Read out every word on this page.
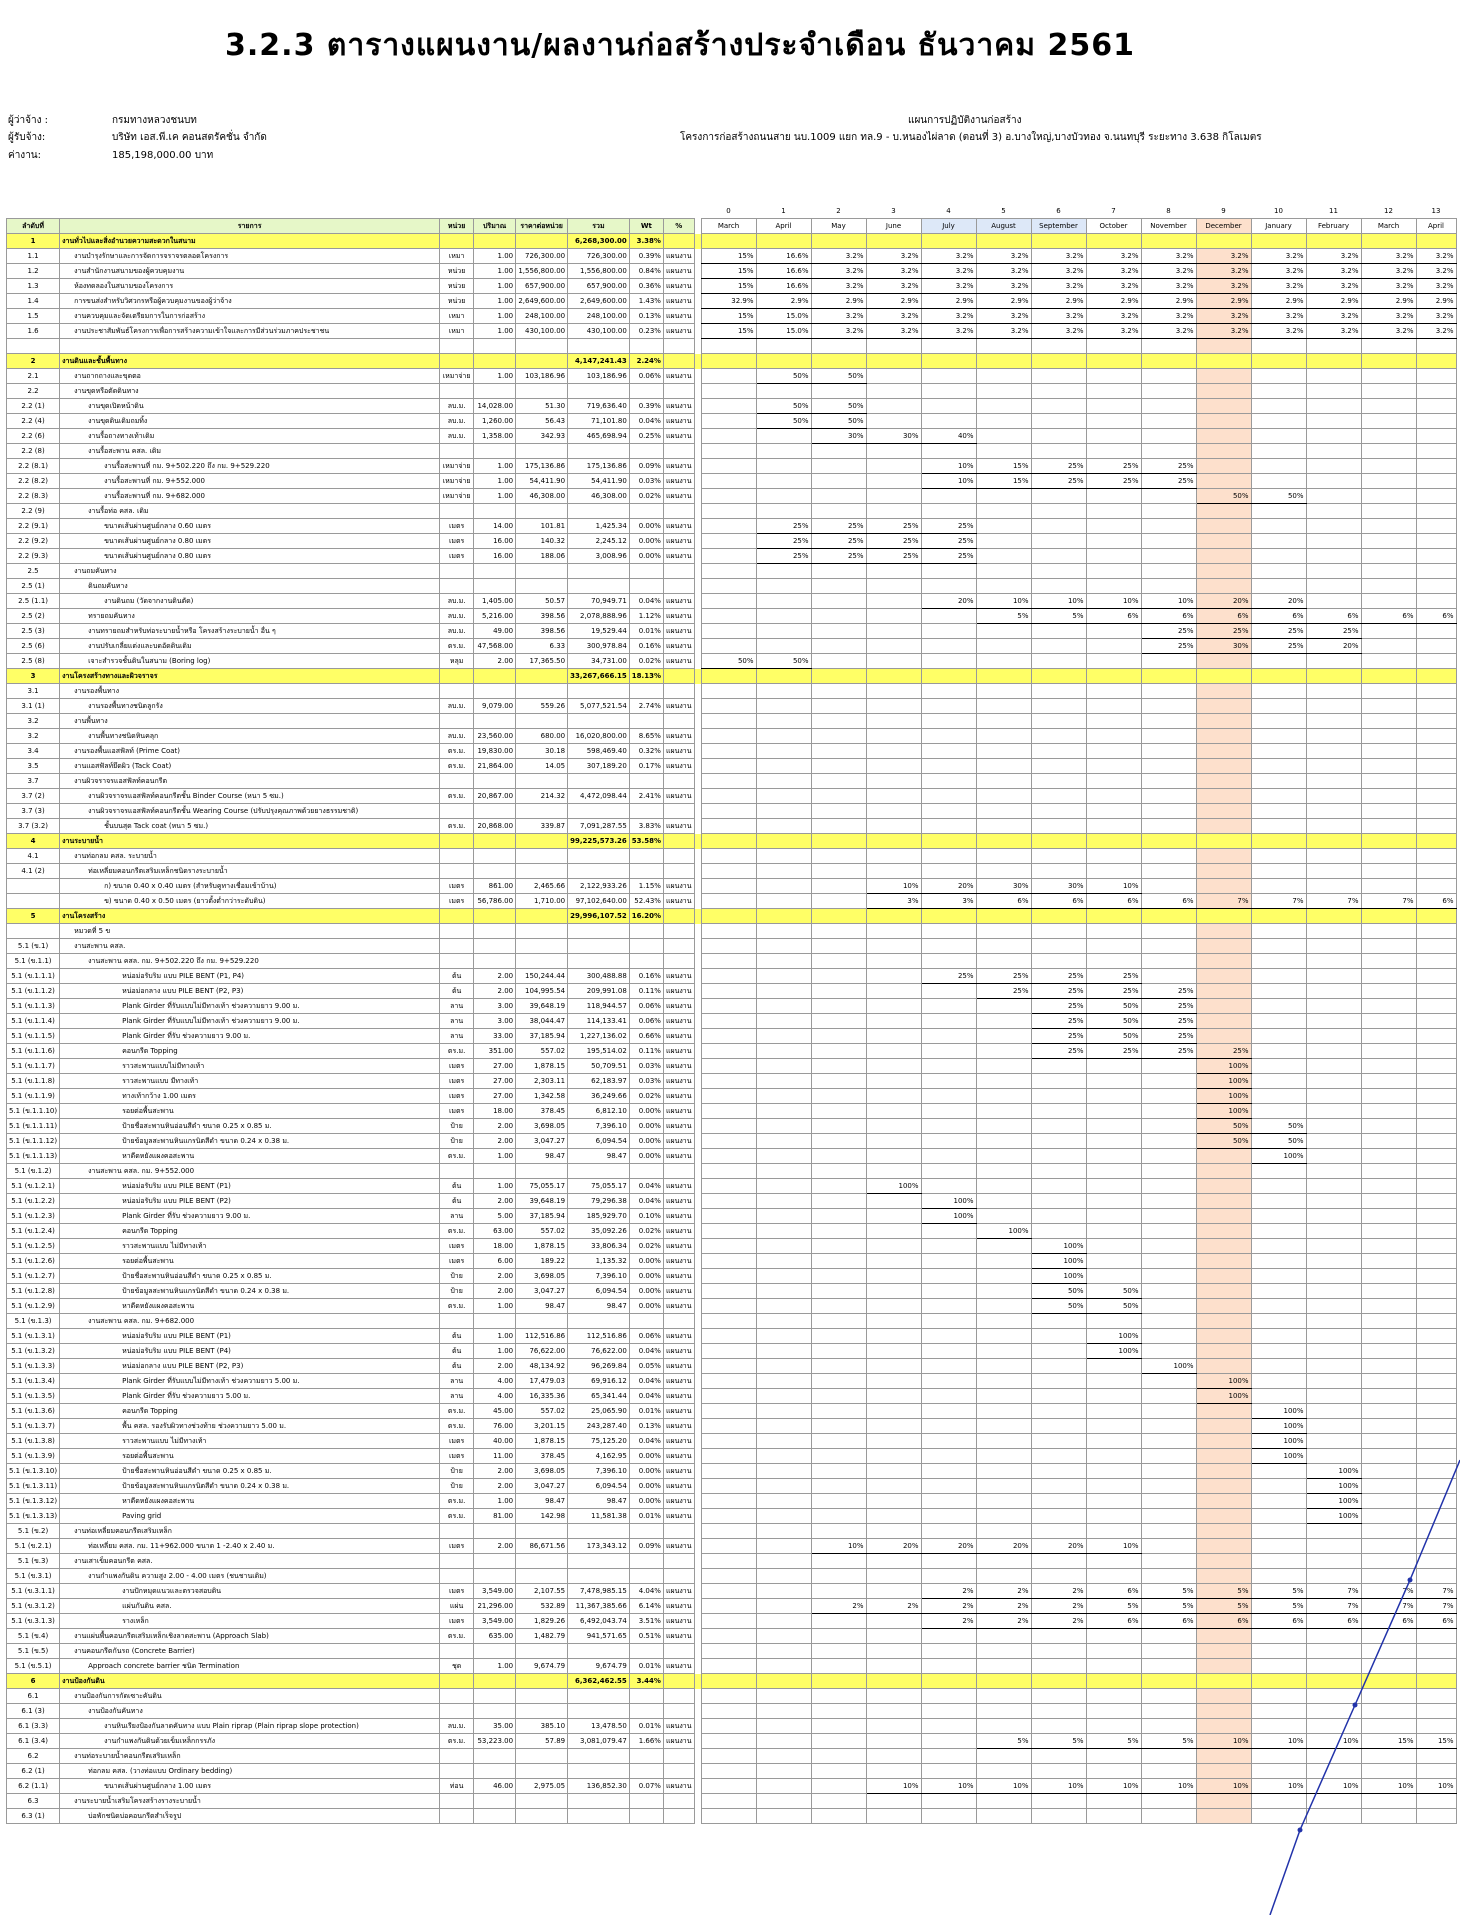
3.2.3 ตารางแผนงาน/ผลงานก่อสร้างประจำเดือน ธันวาคม 2561
ผู้ว่าจ้าง :	กรมทางหลวงชนบท
ผู้รับจ้าง:	บริษัท เอส.พี.เค คอนสตรัคชั่น จำกัด
ค่างาน:	185,198,000.00 บาท
แผนการปฏิบัติงานก่อสร้าง
โครงการก่อสร้างถนนสาย นบ.1009 แยก ทล.9 - บ.หนองไผ่ลาด (ตอนที่ 3) อ.บางใหญ่,บางบัวทอง จ.นนทบุรี ระยะทาง 3.638 กิโลเมตร
									0	1	2	3	4	5	6	7	8	9	10	11	12	13
ลำดับที่	รายการ	หน่วย	ปริมาณ	ราคาต่อหน่วย	รวม	Wt	%		March	April	May	June	July	August	September	October	November	December	January	February	March	April
1	งานทั่วไปและสิ่งอำนวยความสะดวกในสนาม				6,268,300.00	3.38%																
1.1	งานบำรุงรักษาและการจัดการจราจรตลอดโครงการ	เหมา	1.00	726,300.00	726,300.00	0.39%	แผนงาน		15%	16.6%	3.2%	3.2%	3.2%	3.2%	3.2%	3.2%	3.2%	3.2%	3.2%	3.2%	3.2%	3.2%
1.2	งานสำนักงานสนามของผู้ควบคุมงาน	หน่วย	1.00	1,556,800.00	1,556,800.00	0.84%	แผนงาน		15%	16.6%	3.2%	3.2%	3.2%	3.2%	3.2%	3.2%	3.2%	3.2%	3.2%	3.2%	3.2%	3.2%
1.3	ห้องทดลองในสนามของโครงการ	หน่วย	1.00	657,900.00	657,900.00	0.36%	แผนงาน		15%	16.6%	3.2%	3.2%	3.2%	3.2%	3.2%	3.2%	3.2%	3.2%	3.2%	3.2%	3.2%	3.2%
1.4	การขนส่งสำหรับวิศวกรหรือผู้ควบคุมงานของผู้ว่าจ้าง	หน่วย	1.00	2,649,600.00	2,649,600.00	1.43%	แผนงาน		32.9%	2.9%	2.9%	2.9%	2.9%	2.9%	2.9%	2.9%	2.9%	2.9%	2.9%	2.9%	2.9%	2.9%
1.5	งานควบคุมและจัดเตรียมการในการก่อสร้าง	เหมา	1.00	248,100.00	248,100.00	0.13%	แผนงาน		15%	15.0%	3.2%	3.2%	3.2%	3.2%	3.2%	3.2%	3.2%	3.2%	3.2%	3.2%	3.2%	3.2%
1.6	งานประชาสัมพันธ์โครงการเพื่อการสร้างความเข้าใจและการมีส่วนร่วมภาคประชาชน	เหมา	1.00	430,100.00	430,100.00	0.23%	แผนงาน		15%	15.0%	3.2%	3.2%	3.2%	3.2%	3.2%	3.2%	3.2%	3.2%	3.2%	3.2%	3.2%	3.2%

2	งานดินและชั้นพื้นทาง				4,147,241.43	2.24%																
2.1	งานถากถางและขุดตอ	เหมาจ่าย	1.00	103,186.96	103,186.96	0.06%	แผนงาน			50%	50%											
2.2	งานขุดหรือตัดดินทาง																					
2.2 (1)	งานขุดเปิดหน้าดิน	ลบ.ม.	14,028.00	51.30	719,636.40	0.39%	แผนงาน			50%	50%											
2.2 (4)	งานขุดดินเดิมถมทิ้ง	ลบ.ม.	1,260.00	56.43	71,101.80	0.04%	แผนงาน			50%	50%											
2.2 (6)	งานรื้อถางทางเท้าเดิม	ลบ.ม.	1,358.00	342.93	465,698.94	0.25%	แผนงาน				30%	30%	40%									
2.2 (8)	งานรื้อสะพาน คสล. เดิม																					
2.2 (8.1)	งานรื้อสะพานที่ กม. 9+502.220 ถึง กม. 9+529.220	เหมาจ่าย	1.00	175,136.86	175,136.86	0.09%	แผนงาน						10%	15%	25%	25%	25%					
2.2 (8.2)	งานรื้อสะพานที่ กม. 9+552.000	เหมาจ่าย	1.00	54,411.90	54,411.90	0.03%	แผนงาน						10%	15%	25%	25%	25%					
2.2 (8.3)	งานรื้อสะพานที่ กม. 9+682.000	เหมาจ่าย	1.00	46,308.00	46,308.00	0.02%	แผนงาน											50%	50%			
2.2 (9)	งานรื้อท่อ คสล. เดิม																					
2.2 (9.1)	ขนาดเส้นผ่านศูนย์กลาง 0.60 เมตร	เมตร	14.00	101.81	1,425.34	0.00%	แผนงาน			25%	25%	25%	25%									
2.2 (9.2)	ขนาดเส้นผ่านศูนย์กลาง 0.80 เมตร	เมตร	16.00	140.32	2,245.12	0.00%	แผนงาน			25%	25%	25%	25%									
2.2 (9.3)	ขนาดเส้นผ่านศูนย์กลาง 0.80 เมตร	เมตร	16.00	188.06	3,008.96	0.00%	แผนงาน			25%	25%	25%	25%									
2.5	งานถมคันทาง																					
2.5 (1)	ดินถมคันทาง																					
2.5 (1.1)	งานดินถม (วัดจากงานดินตัด)	ลบ.ม.	1,405.00	50.57	70,949.71	0.04%	แผนงาน						20%	10%	10%	10%	10%	20%	20%			
2.5 (2)	ทรายถมคันทาง	ลบ.ม.	5,216.00	398.56	2,078,888.96	1.12%	แผนงาน							5%	5%	6%	6%	6%	6%	6%	6%	6%
2.5 (3)	งานทรายถมสำหรับท่อระบายน้ำหรือ โครงสร้างระบายน้ำ อื่น ๆ	ลบ.ม.	49.00	398.56	19,529.44	0.01%	แผนงาน										25%	25%	25%	25%		
2.5 (6)	งานปรับเกลี่ยแต่งและบดอัดดินเดิม	ตร.ม.	47,568.00	6.33	300,978.84	0.16%	แผนงาน										25%	30%	25%	20%		
2.5 (8)	เจาะสำรวจชั้นดินในสนาม (Boring log)	หลุม	2.00	17,365.50	34,731.00	0.02%	แผนงาน		50%	50%												
3	งานโครงสร้างทางและผิวจราจร				33,267,666.15	18.13%																
3.1	งานรองพื้นทาง																					
3.1 (1)	งานรองพื้นทางชนิดลูกรัง	ลบ.ม.	9,079.00	559.26	5,077,521.54	2.74%	แผนงาน															
3.2	งานพื้นทาง																					
3.2	งานพื้นทางชนิดหินคลุก	ลบ.ม.	23,560.00	680.00	16,020,800.00	8.65%	แผนงาน															
3.4	งานรองพื้นแอสฟัลท์ (Prime Coat)	ตร.ม.	19,830.00	30.18	598,469.40	0.32%	แผนงาน															
3.5	งานแอสฟัลท์ยึดผิว (Tack Coat)	ตร.ม.	21,864.00	14.05	307,189.20	0.17%	แผนงาน															
3.7	งานผิวจราจรแอสฟัลท์คอนกรีต																					
3.7 (2)	งานผิวจราจรแอสฟัลท์คอนกรีตชั้น Binder Course (หนา 5 ซม.)	ตร.ม.	20,867.00	214.32	4,472,098.44	2.41%	แผนงาน															
3.7 (3)	งานผิวจราจรแอสฟัลท์คอนกรีตชั้น Wearing Course (ปรับปรุงคุณภาพด้วยยางธรรมชาติ)																					
3.7 (3.2)	ชั้นบนสุด Tack coat (หนา 5 ซม.)	ตร.ม.	20,868.00	339.87	7,091,287.55	3.83%	แผนงาน															
4	งานระบายน้ำ				99,225,573.26	53.58%																
4.1	งานท่อกลม คสล. ระบายน้ำ																					
4.1 (2)	ท่อเหลี่ยมคอนกรีตเสริมเหล็กชนิดรางระบายน้ำ																					
	ก) ขนาด 0.40 x 0.40 เมตร (สำหรับคูทางเชื่อมเข้าบ้าน)	เมตร	861.00	2,465.66	2,122,933.26	1.15%	แผนงาน					10%	20%	30%	30%	10%						
	ข) ขนาด 0.40 x 0.50 เมตร (ยาวตั้งต่ำกว่าระดับดิน)	เมตร	56,786.00	1,710.00	97,102,640.00	52.43%	แผนงาน					3%	3%	6%	6%	6%	6%	7%	7%	7%	7%	6%
5	งานโครงสร้าง				29,996,107.52	16.20%																
	หมวดที่ 5 ข																					
5.1 (ข.1)	งานสะพาน คสล.																					
5.1 (ข.1.1)	งานสะพาน คสล. กม. 9+502.220 ถึง กม. 9+529.220																					
5.1 (ข.1.1.1)	หน่อม่อรับริม แบบ PILE BENT (P1, P4)	ต้น	2.00	150,244.44	300,488.88	0.16%	แผนงาน						25%	25%	25%	25%						
5.1 (ข.1.1.2)	หน่อม่อกลาง แบบ PILE BENT (P2, P3)	ต้น	2.00	104,995.54	209,991.08	0.11%	แผนงาน							25%	25%	25%	25%					
5.1 (ข.1.1.3)	Plank Girder ที่รับแบบไม่มีทางเท้า ช่วงความยาว 9.00 ม.	ลาน	3.00	39,648.19	118,944.57	0.06%	แผนงาน								25%	50%	25%					
5.1 (ข.1.1.4)	Plank Girder ที่รับแบบไม่มีทางเท้า ช่วงความยาว 9.00 ม.	ลาน	3.00	38,044.47	114,133.41	0.06%	แผนงาน								25%	50%	25%					
5.1 (ข.1.1.5)	Plank Girder ที่รับ ช่วงความยาว 9.00 ม.	ลาน	33.00	37,185.94	1,227,136.02	0.66%	แผนงาน								25%	50%	25%					
5.1 (ข.1.1.6)	คอนกรีต Topping	ตร.ม.	351.00	557.02	195,514.02	0.11%	แผนงาน								25%	25%	25%	25%				
5.1 (ข.1.1.7)	ราวสะพานแบบไม่มีทางเท้า	เมตร	27.00	1,878.15	50,709.51	0.03%	แผนงาน											100%				
5.1 (ข.1.1.8)	ราวสะพานแบบ มีทางเท้า	เมตร	27.00	2,303.11	62,183.97	0.03%	แผนงาน											100%				
5.1 (ข.1.1.9)	ทางเท้ากว้าง 1.00 เมตร	เมตร	27.00	1,342.58	36,249.66	0.02%	แผนงาน											100%				
5.1 (ข.1.1.10)	รอยต่อพื้นสะพาน	เมตร	18.00	378.45	6,812.10	0.00%	แผนงาน											100%				
5.1 (ข.1.1.11)	ป้ายชื่อสะพานหินอ่อนสีดำ ขนาด 0.25 x 0.85 ม.	ป้าย	2.00	3,698.05	7,396.10	0.00%	แผนงาน											50%	50%			
5.1 (ข.1.1.12)	ป้ายข้อมูลสะพานหินแกรนิตสีดำ ขนาด 0.24 x 0.38 ม.	ป้าย	2.00	3,047.27	6,094.54	0.00%	แผนงาน											50%	50%			
5.1 (ข.1.1.13)	หาดีดหยังแผงคอสะพาน	ตร.ม.	1.00	98.47	98.47	0.00%	แผนงาน												100%			
5.1 (ข.1.2)	งานสะพาน คสล. กม. 9+552.000																					
5.1 (ข.1.2.1)	หน่อม่อรับริม แบบ PILE BENT (P1)	ต้น	1.00	75,055.17	75,055.17	0.04%	แผนงาน					100%										
5.1 (ข.1.2.2)	หน่อม่อรับริม แบบ PILE BENT (P2)	ต้น	2.00	39,648.19	79,296.38	0.04%	แผนงาน						100%									
5.1 (ข.1.2.3)	Plank Girder ที่รับ ช่วงความยาว 9.00 ม.	ลาน	5.00	37,185.94	185,929.70	0.10%	แผนงาน						100%									
5.1 (ข.1.2.4)	คอนกรีต Topping	ตร.ม.	63.00	557.02	35,092.26	0.02%	แผนงาน							100%								
5.1 (ข.1.2.5)	ราวสะพานแบบ ไม่มีทางเท้า	เมตร	18.00	1,878.15	33,806.34	0.02%	แผนงาน								100%							
5.1 (ข.1.2.6)	รอยต่อพื้นสะพาน	เมตร	6.00	189.22	1,135.32	0.00%	แผนงาน								100%							
5.1 (ข.1.2.7)	ป้ายชื่อสะพานหินอ่อนสีดำ ขนาด 0.25 x 0.85 ม.	ป้าย	2.00	3,698.05	7,396.10	0.00%	แผนงาน								100%							
5.1 (ข.1.2.8)	ป้ายข้อมูลสะพานหินแกรนิตสีดำ ขนาด 0.24 x 0.38 ม.	ป้าย	2.00	3,047.27	6,094.54	0.00%	แผนงาน								50%	50%						
5.1 (ข.1.2.9)	หาดีดหยังแผงคอสะพาน	ตร.ม.	1.00	98.47	98.47	0.00%	แผนงาน								50%	50%						
5.1 (ข.1.3)	งานสะพาน คสล. กม. 9+682.000																					
5.1 (ข.1.3.1)	หน่อม่อรับริม แบบ PILE BENT (P1)	ต้น	1.00	112,516.86	112,516.86	0.06%	แผนงาน									100%						
5.1 (ข.1.3.2)	หน่อม่อรับริม แบบ PILE BENT (P4)	ต้น	1.00	76,622.00	76,622.00	0.04%	แผนงาน									100%						
5.1 (ข.1.3.3)	หน่อม่อกลาง แบบ PILE BENT (P2, P3)	ต้น	2.00	48,134.92	96,269.84	0.05%	แผนงาน										100%					
5.1 (ข.1.3.4)	Plank Girder ที่รับแบบไม่มีทางเท้า ช่วงความยาว 5.00 ม.	ลาน	4.00	17,479.03	69,916.12	0.04%	แผนงาน											100%				
5.1 (ข.1.3.5)	Plank Girder ที่รับ ช่วงความยาว 5.00 ม.	ลาน	4.00	16,335.36	65,341.44	0.04%	แผนงาน											100%				
5.1 (ข.1.3.6)	คอนกรีต Topping	ตร.ม.	45.00	557.02	25,065.90	0.01%	แผนงาน												100%			
5.1 (ข.1.3.7)	พื้น คสล. รองรับผิวทางช่วงท้าย ช่วงความยาว 5.00 ม.	ตร.ม.	76.00	3,201.15	243,287.40	0.13%	แผนงาน												100%			
5.1 (ข.1.3.8)	ราวสะพานแบบ ไม่มีทางเท้า	เมตร	40.00	1,878.15	75,125.20	0.04%	แผนงาน												100%			
5.1 (ข.1.3.9)	รอยต่อพื้นสะพาน	เมตร	11.00	378.45	4,162.95	0.00%	แผนงาน												100%			
5.1 (ข.1.3.10)	ป้ายชื่อสะพานหินอ่อนสีดำ ขนาด 0.25 x 0.85 ม.	ป้าย	2.00	3,698.05	7,396.10	0.00%	แผนงาน													100%		
5.1 (ข.1.3.11)	ป้ายข้อมูลสะพานหินแกรนิตสีดำ ขนาด 0.24 x 0.38 ม.	ป้าย	2.00	3,047.27	6,094.54	0.00%	แผนงาน													100%		
5.1 (ข.1.3.12)	หาดีดหยังแผงคอสะพาน	ตร.ม.	1.00	98.47	98.47	0.00%	แผนงาน													100%		
5.1 (ข.1.3.13)	Paving grid	ตร.ม.	81.00	142.98	11,581.38	0.01%	แผนงาน													100%		
5.1 (ข.2)	งานท่อเหลี่ยมคอนกรีตเสริมเหล็ก																					
5.1 (ข.2.1)	ท่อเหลี่ยม คสล. กม. 11+962.000 ขนาด 1 -2.40 x 2.40 ม.	เมตร	2.00	86,671.56	173,343.12	0.09%	แผนงาน				10%	20%	20%	20%	20%	10%						
5.1 (ข.3)	งานเสาเข็มคอนกรีต คสล.																					
5.1 (ข.3.1)	งานกำแพงกันดิน ความสูง 2.00 - 4.00 เมตร (ชนชานเดิม)																					
5.1 (ข.3.1.1)	งานปักหมุดแนวและตรวจสอบดิน	เมตร	3,549.00	2,107.55	7,478,985.15	4.04%	แผนงาน						2%	2%	2%	6%	5%	5%	5%	7%	7%	7%
5.1 (ข.3.1.2)	แผ่นกันดิน คสล.	แผ่น	21,296.00	532.89	11,367,385.66	6.14%	แผนงาน				2%	2%	2%	2%	2%	5%	5%	5%	5%	7%	7%	7%
5.1 (ข.3.1.3)	รางเหล็ก	เมตร	3,549.00	1,829.26	6,492,043.74	3.51%	แผนงาน						2%	2%	2%	6%	6%	6%	6%	6%	6%	6%
5.1 (ข.4)	งานแผ่นพื้นคอนกรีตเสริมเหล็กเชิงลาดสะพาน (Approach Slab)	ตร.ม.	635.00	1,482.79	941,571.65	0.51%	แผนงาน															
5.1 (ข.5)	งานคอนกรีตกันรถ (Concrete Barrier)																					
5.1 (ข.5.1)	Approach concrete barrier ชนิด Termination	ชุด	1.00	9,674.79	9,674.79	0.01%	แผนงาน															
6	งานป้องกันดิน				6,362,462.55	3.44%																
6.1	งานป้องกันการกัดเซาะคันดิน																					
6.1 (3)	งานป้องกันคันทาง																					
6.1 (3.3)	งานหินเรียงป้องกันลาดคันทาง แบบ Plain riprap (Plain riprap slope protection)	ลบ.ม.	35.00	385.10	13,478.50	0.01%	แผนงาน															
6.1 (3.4)	งานกำแพงกันดินด้วยเข็มเหล็กกรรภัง	ตร.ม.	53,223.00	57.89	3,081,079.47	1.66%	แผนงาน							5%	5%	5%	5%	10%	10%	10%	15%	15%
6.2	งานท่อระบายน้ำคอนกรีตเสริมเหล็ก																					
6.2 (1)	ท่อกลม คสล. (วางท่อแบบ Ordinary bedding)																					
6.2 (1.1)	ขนาดเส้นผ่านศูนย์กลาง 1.00 เมตร	ท่อน	46.00	2,975.05	136,852.30	0.07%	แผนงาน					10%	10%	10%	10%	10%	10%	10%	10%	10%	10%	10%
6.3	งานระบายน้ำเสริมโครงสร้างรางระบายน้ำ																					
6.3 (1)	บ่อพักชนิดบ่อคอนกรีตสำเร็จรูป																					
